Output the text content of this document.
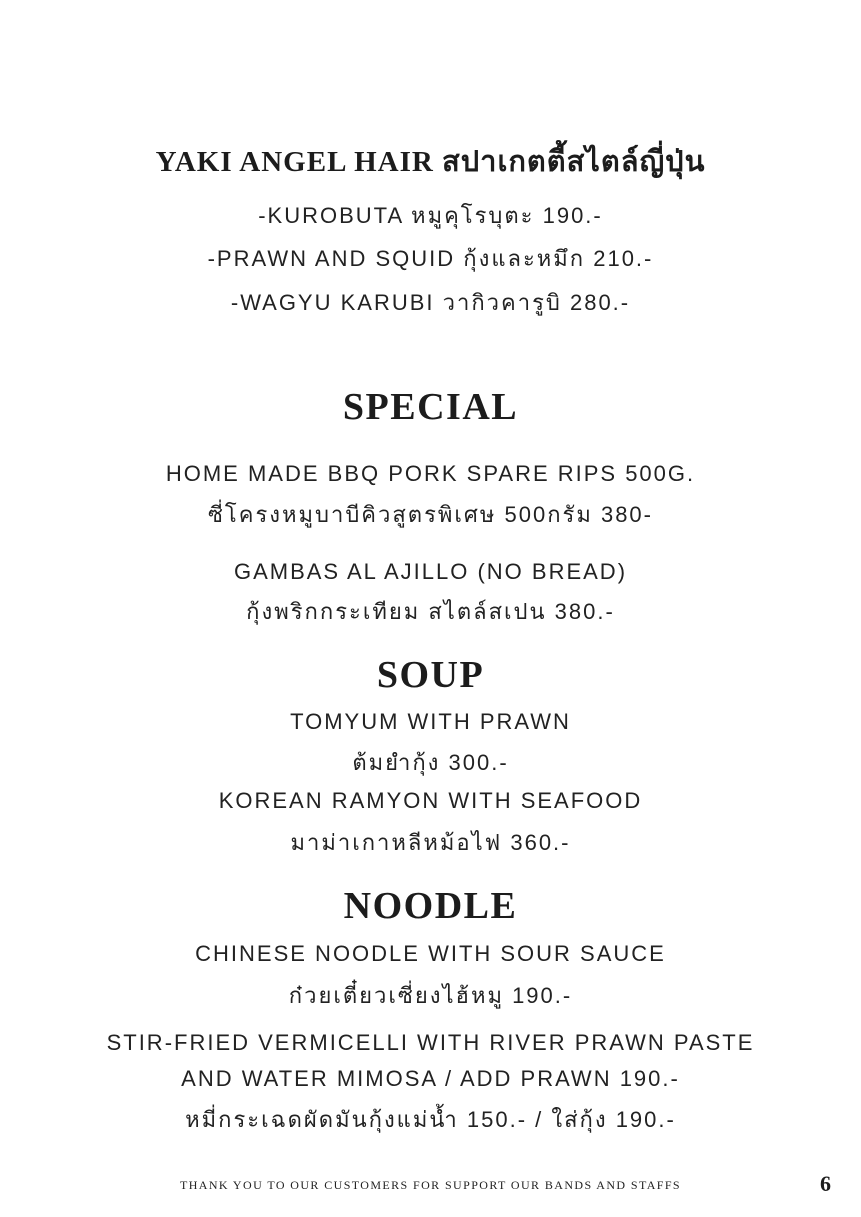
YAKI ANGEL HAIR สปาเกตตี้สไตล์ญี่ปุ่น
-KUROBUTA หมูคุโรบุตะ 190.-
-PRAWN AND SQUID กุ้งและหมึก 210.-
-WAGYU KARUBI วากิวคารูบิ 280.-
SPECIAL
HOME MADE BBQ PORK SPARE RIPS 500G.
ซี่โครงหมูบาบีคิวสูตรพิเศษ 500กรัม 380-
GAMBAS AL AJILLO (NO BREAD)
กุ้งพริกกระเทียม สไตล์สเปน 380.-
SOUP
TOMYUM WITH PRAWN
ต้มยำกุ้ง 300.-
KOREAN RAMYON WITH SEAFOOD
มาม่าเกาหลีหม้อไฟ 360.-
NOODLE
CHINESE NOODLE WITH SOUR SAUCE
ก๋วยเตี๋ยวเซี่ยงไฮ้หมู 190.-
STIR-FRIED VERMICELLI WITH RIVER PRAWN PASTE
AND WATER MIMOSA / ADD PRAWN 190.-
หมี่กระเฉดผัดมันกุ้งแม่น้ำ 150.- / ใส่กุ้ง 190.-
THANK YOU TO OUR CUSTOMERS FOR SUPPORT OUR BANDS AND STAFFS	6
